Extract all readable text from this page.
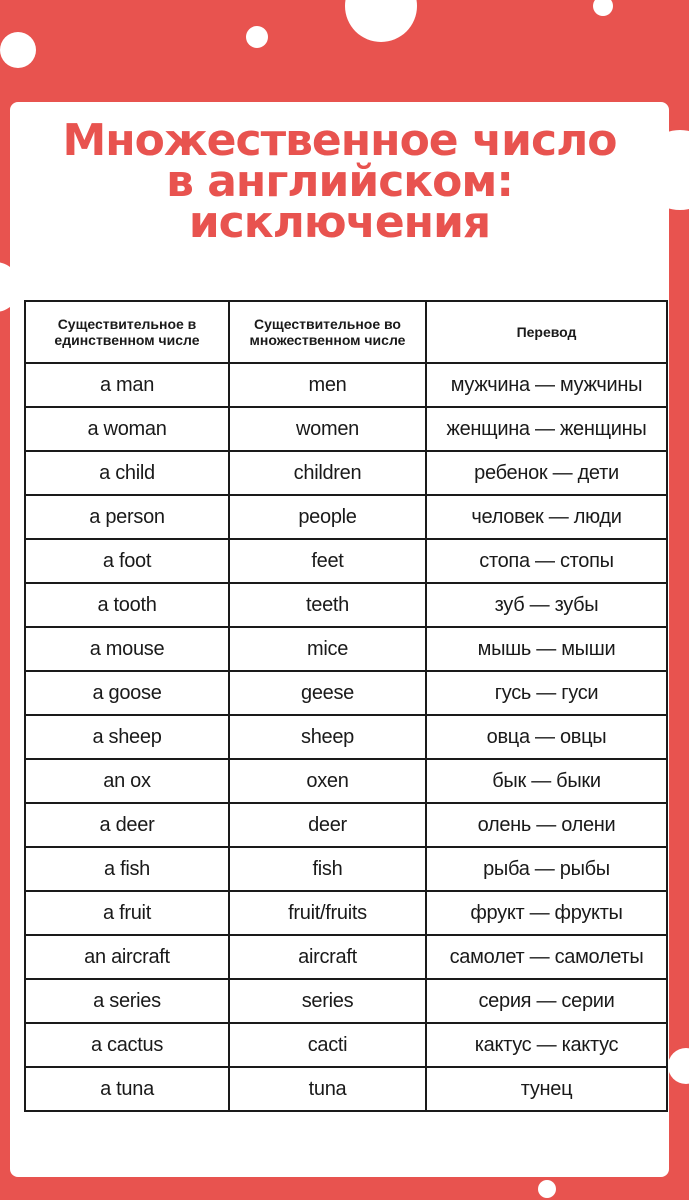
Множественное число
в английском:
исключения
Существительное в единственном числе	Существительное во множественном числе	Перевод
a man	men	мужчина — мужчины
a woman	women	женщина — женщины
a child	children	ребенок — дети
a person	people	человек — люди
a foot	feet	стопа — стопы
a tooth	teeth	зуб — зубы
a mouse	mice	мышь — мыши
a goose	geese	гусь — гуси
a sheep	sheep	овца — овцы
an ox	oxen	бык — быки
a deer	deer	олень — олени
a fish	fish	рыба — рыбы
a fruit	fruit/fruits	фрукт — фрукты
an aircraft	aircraft	самолет — самолеты
a series	series	серия — серии
a cactus	cacti	кактус — кактус
a tuna	tuna	тунец
